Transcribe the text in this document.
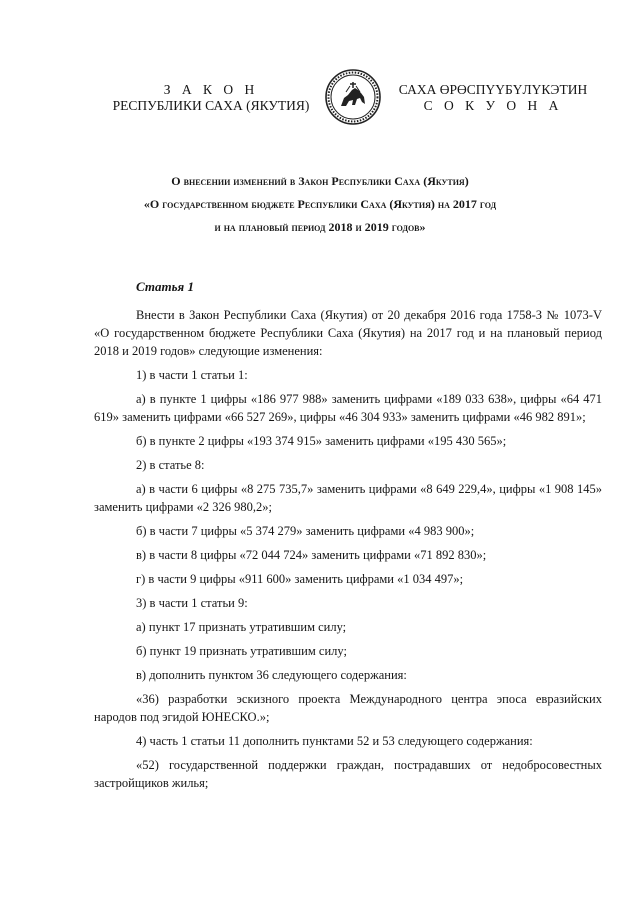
З А К О Н
РЕСПУБЛИКИ САХА (ЯКУТИЯ)
САХА ӨРӨСПҮҮБҮЛҮКЭТИН
С О К У О Н А
О внесении изменений в Закон Республики Саха (Якутия)
«О государственном бюджете Республики Саха (Якутия) на 2017 год
и на плановый период 2018 и 2019 годов»
Статья 1
Внести в Закон Республики Саха (Якутия) от 20 декабря 2016 года 1758-З № 1073-V «О государственном бюджете Республики Саха (Якутия) на 2017 год и на плановый период 2018 и 2019 годов» следующие изменения:
1) в части 1 статьи 1:
а) в пункте 1 цифры «186 977 988» заменить цифрами «189 033 638», цифры «64 471 619» заменить цифрами «66 527 269», цифры «46 304 933» заменить цифрами «46 982 891»;
б) в пункте 2 цифры «193 374 915» заменить цифрами «195 430 565»;
2) в статье 8:
а) в части 6 цифры «8 275 735,7» заменить цифрами «8 649 229,4», цифры «1 908 145» заменить цифрами «2 326 980,2»;
б) в части 7 цифры «5 374 279» заменить цифрами «4 983 900»;
в) в части 8 цифры «72 044 724» заменить цифрами «71 892 830»;
г) в части 9 цифры «911 600» заменить цифрами «1 034 497»;
3) в части 1 статьи 9:
а) пункт 17 признать утратившим силу;
б) пункт 19 признать утратившим силу;
в) дополнить пунктом 36 следующего содержания:
«36) разработки эскизного проекта Международного центра эпоса евразийских народов под эгидой ЮНЕСКО.»;
4) часть 1 статьи 11 дополнить пунктами 52 и 53 следующего содержания:
«52) государственной поддержки граждан, пострадавших от недобросовестных застройщиков жилья;
